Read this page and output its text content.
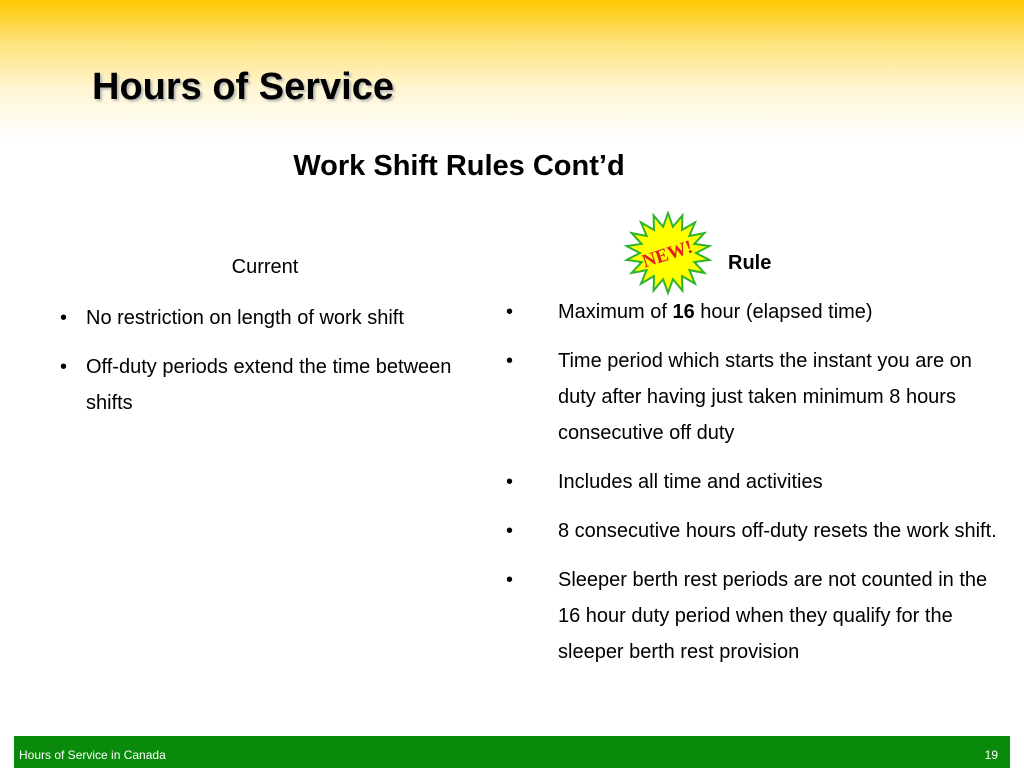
Hours of Service
Work Shift Rules Cont’d
Current
• No restriction on length of work shift
• Off-duty periods extend the time between shifts
NEW! Rule
• Maximum of 16 hour (elapsed time)
• Time period which starts the instant you are on duty after having just taken minimum 8 hours consecutive off duty
• Includes all time and activities
• 8 consecutive hours off-duty resets the work shift.
• Sleeper berth rest periods are not counted in the 16 hour duty period when they qualify for the sleeper berth rest provision
Hours of Service in Canada	19
